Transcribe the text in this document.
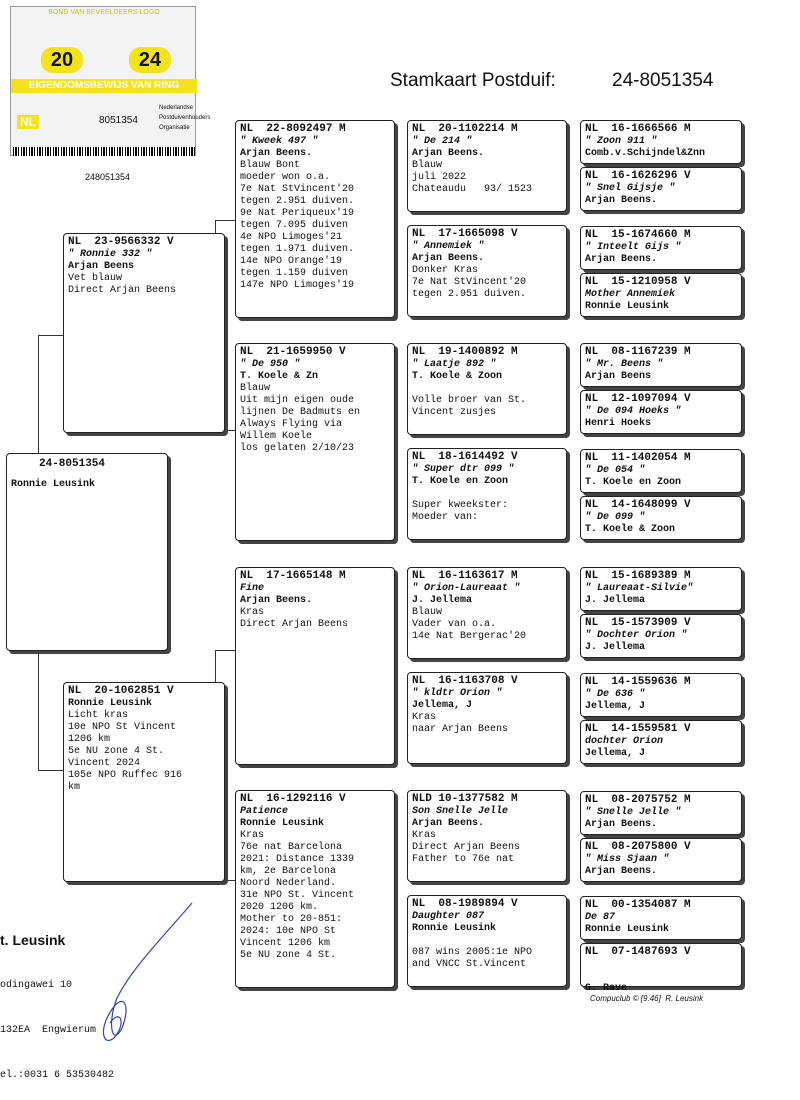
BOND VAN BEVEELDEERS LOGO
20	24
EIGENDOMSBEWIJS VAN RING
NL	8051354
Nederlandse
Postduivenhouders
Organisatie
248051354
Stamkaart Postduif:	24-8051354
24-8051354
Ronnie Leusink
NL  23-9566332 V
" Ronnie 332 "
Arjan Beens
Vet blauw
Direct Arjan Beens
NL  20-1062851 V
Ronnie Leusink
Licht kras
10e NPO St Vincent
1206 km
5e NU zone 4 St.
Vincent 2024
105e NPO Ruffec 916
km
NL  22-8092497 M
" Kweek 497 "
Arjan Beens.
Blauw Bont
moeder won o.a.
7e Nat StVincent'20
tegen 2.951 duiven.
9e Nat Periqueux'19
tegen 7.095 duiven
4e NPO Limoges'21
tegen 1.971 duiven.
14e NPO Orange'19
tegen 1.159 duiven
147e NPO Limoges'19
NL  21-1659950 V
" De 950 "
T. Koele & Zn
Blauw
Uit mijn eigen oude
lijnen De Badmuts en
Always Flying via
Willem Koele
los gelaten 2/10/23
NL  17-1665148 M
Fine
Arjan Beens.
Kras
Direct Arjan Beens
NL  16-1292116 V
Patience
Ronnie Leusink
Kras
76e nat Barcelona
2021: Distance 1339
km, 2e Barcelona
Noord Nederland.
31e NPO St. Vincent
2020 1206 km.
Mother to 20-851:
2024: 10e NPO St
Vincent 1206 km
5e NU zone 4 St.
NL  20-1102214 M
" De 214 "
Arjan Beens.
Blauw
juli 2022
Chateaudu   93/ 1523
NL  17-1665098 V
" Annemiek "
Arjan Beens.
Donker Kras
7e Nat StVincent'20
tegen 2.951 duiven.
NL  19-1400892 M
" Laatje 892 "
T. Koele & Zoon

Volle broer van St.
Vincent zusjes
NL  18-1614492 V
" Super dtr 099 "
T. Koele en Zoon

Super kweekster:
Moeder van:
NL  16-1163617 M
" Orion-Laureaat "
J. Jellema
Blauw
Vader van o.a.
14e Nat Bergerac'20
NL  16-1163708 V
" kldtr Orion "
Jellema, J
Kras
naar Arjan Beens
NLD 10-1377582 M
Son Snelle Jelle
Arjan Beens.
Kras
Direct Arjan Beens
Father to 76e nat
NL  08-1989894 V
Daughter 087
Ronnie Leusink

087 wins 2005:1e NPO
and VNCC St.Vincent
NL  16-1666566 M
" Zoon 911 "
Comb.v.Schijndel&Znn
NL  16-1626296 V
" Snel Gijsje "
Arjan Beens.
NL  15-1674660 M
" Inteelt Gijs "
Arjan Beens.
NL  15-1210958 V
Mother Annemiek
Ronnie Leusink
NL  08-1167239 M
" Mr. Beens "
Arjan Beens
NL  12-1097094 V
" De 094 Hoeks "
Henri Hoeks
NL  11-1402054 M
" De 054 "
T. Koele en Zoon
NL  14-1648099 V
" De 099 "
T. Koele & Zoon
NL  15-1689389 M
" Laureaat-Silvie"
J. Jellema
NL  15-1573909 V
" Dochter Orion "
J. Jellema
NL  14-1559636 M
" De 636 "
Jellema, J
NL  14-1559581 V
dochter Orion
Jellema, J
NL  08-2075752 M
" Snelle Jelle "
Arjan Beens.
NL  08-2075800 V
" Miss Sjaan "
Arjan Beens.
NL  00-1354087 M
De 87
Ronnie Leusink
NL  07-1487693 V

G. Rave

t. Leusink

odingawei 10

132EA  Engwierum

el.:0031 6 53530482

Compuclub © [9.46]  R. Leusink
